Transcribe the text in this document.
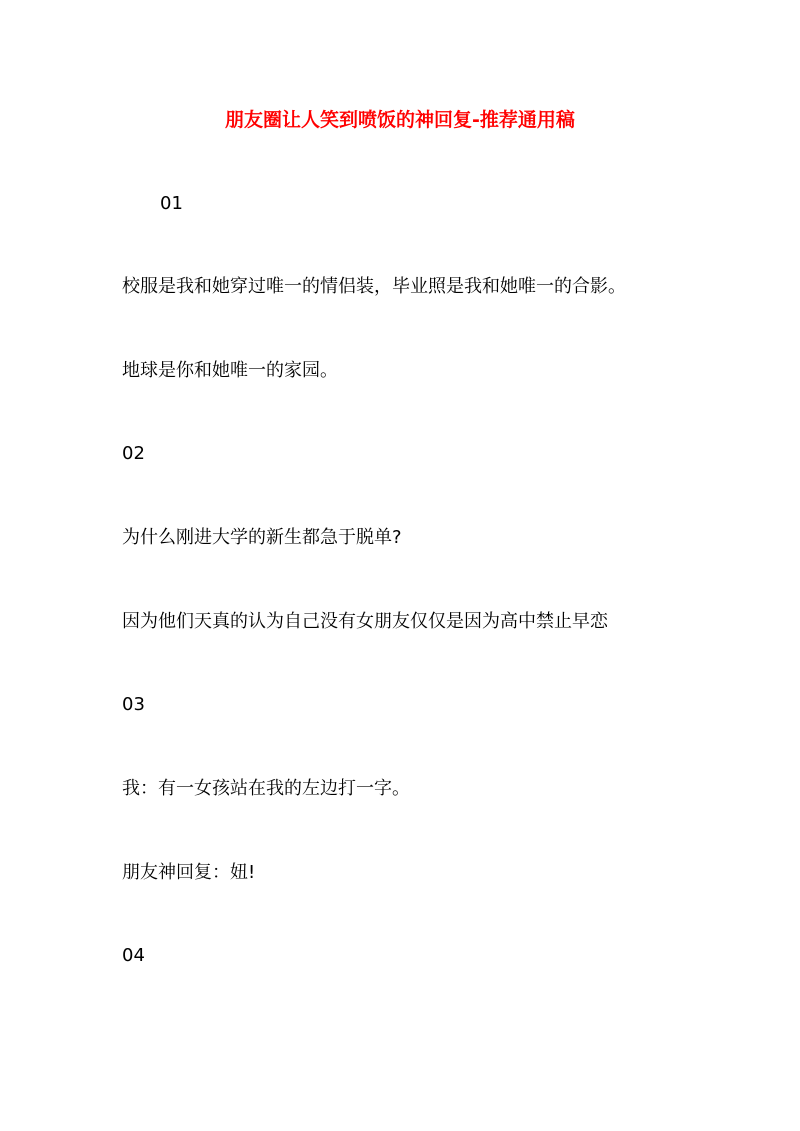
朋友圈让人笑到喷饭的神回复-推荐通用稿
01
校服是我和她穿过唯一的情侣装，毕业照是我和她唯一的合影。
地球是你和她唯一的家园。
02
为什么刚进大学的新生都急于脱单?
因为他们天真的认为自己没有女朋友仅仅是因为高中禁止早恋
03
我：有一女孩站在我的左边打一字。
朋友神回复：妞!
04
